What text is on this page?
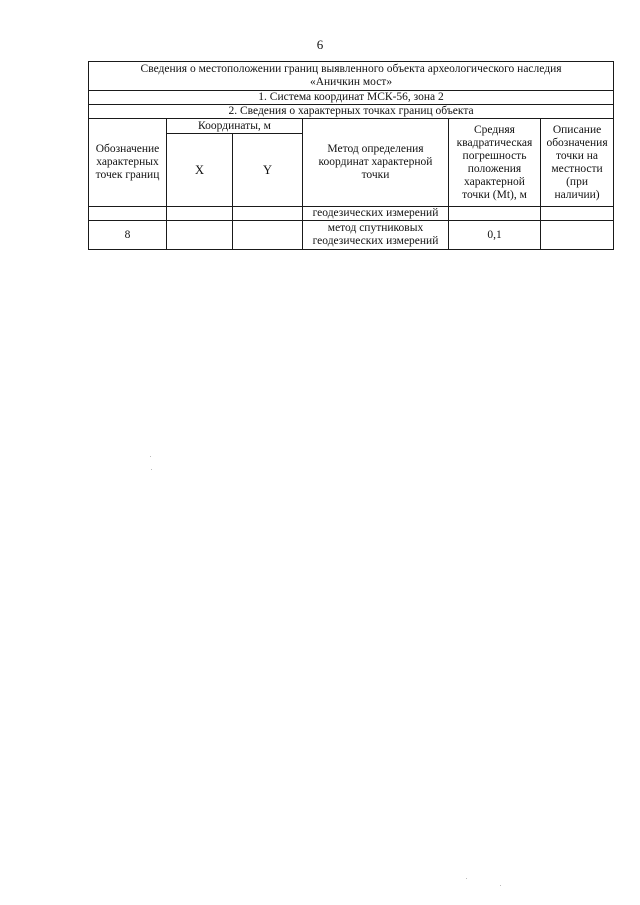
6
Сведения о местоположении границ выявленного объекта археологического наследия
«Аничкин мост»					
1. Система координат МСК-56, зона 2					
2. Сведения о характерных точках границ объекта					
Обозначение характерных точек границ	Координаты, м		Метод определения координат характерной точки	Средняя квадратическая погрешность положения характерной точки (Mt), м	Описание обозначения точки на местности (при наличии)
	X	Y			
			геодезических измерений		
8			метод спутниковых геодезических измерений	0,1	
